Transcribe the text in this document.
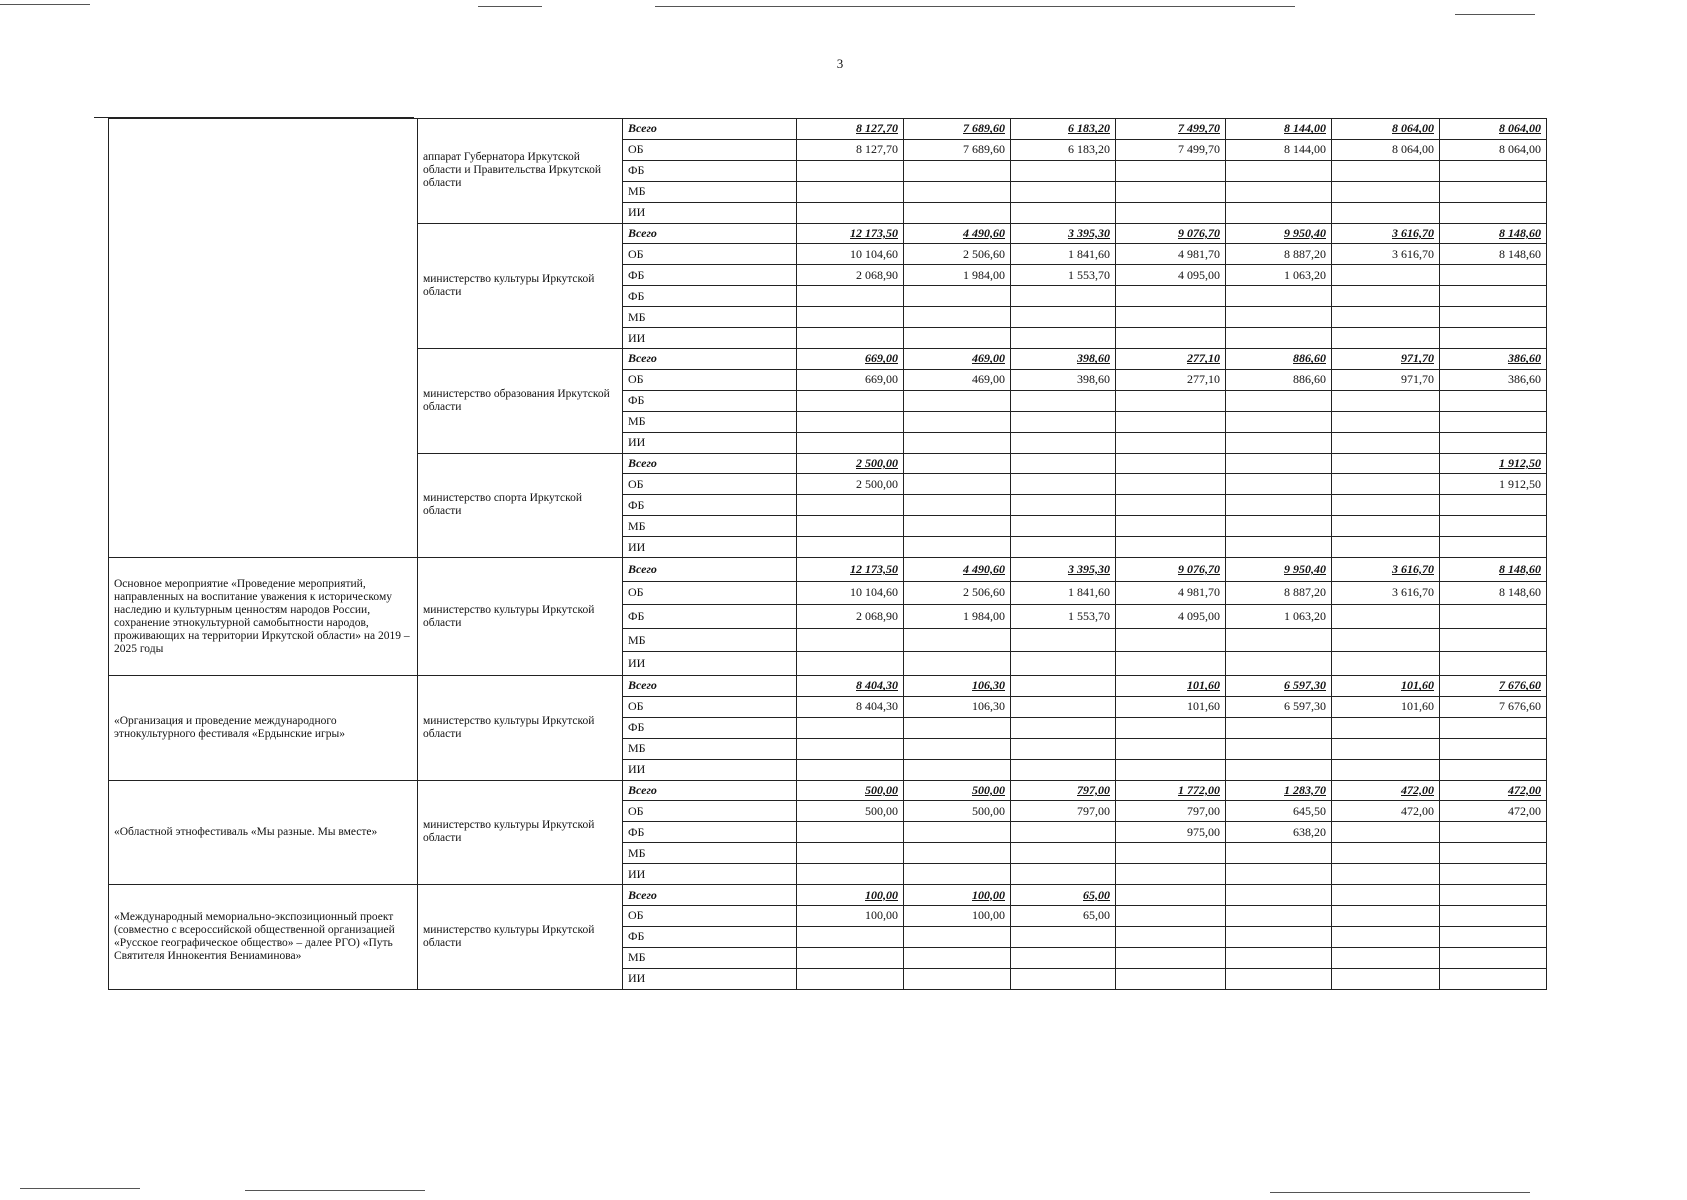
3
	аппарат Губернатора Иркутской области и Правительства Иркутской области	Всего	8 127,70	7 689,60	6 183,20	7 499,70	8 144,00	8 064,00	8 064,00
		ОБ	8 127,70	7 689,60	6 183,20	7 499,70	8 144,00	8 064,00	8 064,00
		ФБ							
		МБ							
		ИИ							
	министерство культуры Иркутской области	Всего	12 173,50	4 490,60	3 395,30	9 076,70	9 950,40	3 616,70	8 148,60
		ОБ	10 104,60	2 506,60	1 841,60	4 981,70	8 887,20	3 616,70	8 148,60
		ФБ	2 068,90	1 984,00	1 553,70	4 095,00	1 063,20		
		ФБ							
		МБ							
		ИИ							
	министерство образования Иркутской области	Всего	669,00	469,00	398,60	277,10	886,60	971,70	386,60
		ОБ	669,00	469,00	398,60	277,10	886,60	971,70	386,60
		ФБ							
		МБ							
		ИИ							
	министерство спорта Иркутской области	Всего	2 500,00						1 912,50
		ОБ	2 500,00						1 912,50
		ФБ							
		МБ							
		ИИ							
Основное мероприятие «Проведение мероприятий, направленных на воспитание уважения к историческому наследию и культурным ценностям народов России, сохранение этнокультурной самобытности народов, проживающих на территории Иркутской области» на 2019 – 2025 годы	министерство культуры Иркутской области	Всего	12 173,50	4 490,60	3 395,30	9 076,70	9 950,40	3 616,70	8 148,60
		ОБ	10 104,60	2 506,60	1 841,60	4 981,70	8 887,20	3 616,70	8 148,60
		ФБ	2 068,90	1 984,00	1 553,70	4 095,00	1 063,20		
		МБ							
		ИИ							
«Организация и проведение международного этнокультурного фестиваля «Ердынские игры»	министерство культуры Иркутской области	Всего	8 404,30	106,30		101,60	6 597,30	101,60	7 676,60
		ОБ	8 404,30	106,30		101,60	6 597,30	101,60	7 676,60
		ФБ							
		МБ							
		ИИ							
«Областной этнофестиваль «Мы разные. Мы вместе»	министерство культуры Иркутской области	Всего	500,00	500,00	797,00	1 772,00	1 283,70	472,00	472,00
		ОБ	500,00	500,00	797,00	797,00	645,50	472,00	472,00
		ФБ				975,00	638,20		
		МБ							
		ИИ							
«Международный мемориально-экспозиционный проект (совместно с всероссийской общественной организацией «Русское географическое общество» – далее РГО) «Путь Святителя Иннокентия Вениаминова»	министерство культуры Иркутской области	Всего	100,00	100,00	65,00				
		ОБ	100,00	100,00	65,00				
		ФБ							
		МБ							
		ИИ							
